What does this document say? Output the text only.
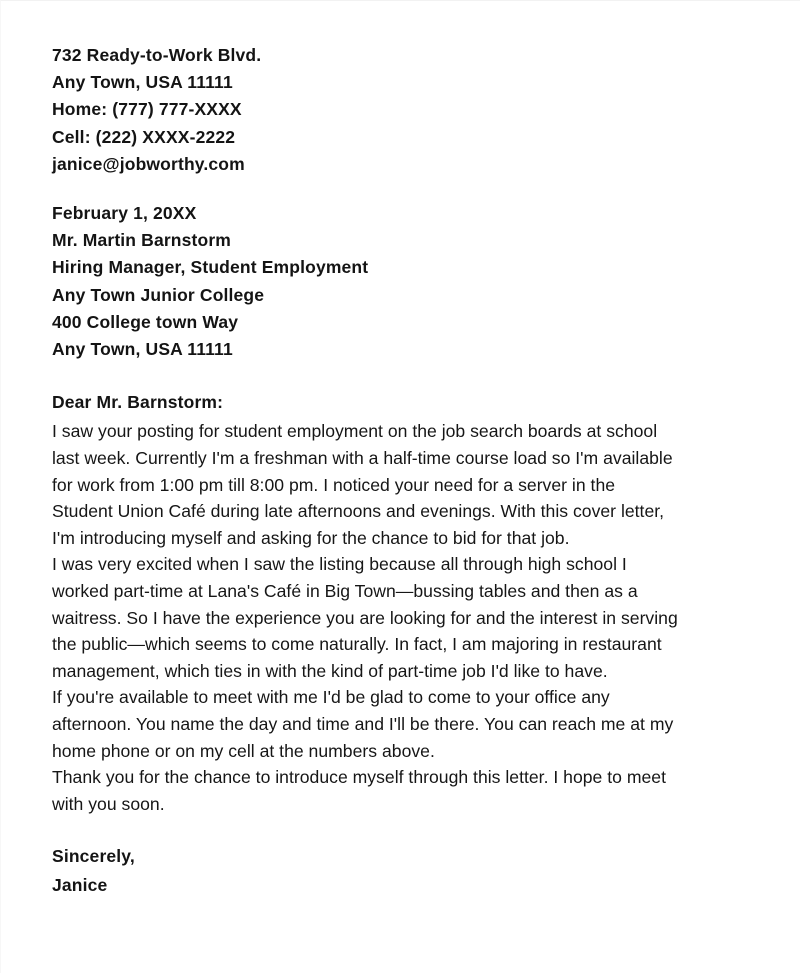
732 Ready-to-Work Blvd.
Any Town, USA 11111
Home: (777) 777-XXXX
Cell: (222) XXXX-2222
janice@jobworthy.com
February 1, 20XX
Mr. Martin Barnstorm
Hiring Manager, Student Employment
Any Town Junior College
400 College town Way
Any Town, USA 11111
Dear Mr. Barnstorm:

I saw your posting for student employment on the job search boards at school
last week. Currently I'm a freshman with a half-time course load so I'm available
for work from 1:00 pm till 8:00 pm. I noticed your need for a server in the
Student Union Café during late afternoons and evenings. With this cover letter,
I'm introducing myself and asking for the chance to bid for that job.

I was very excited when I saw the listing because all through high school I
worked part-time at Lana's Café in Big Town—bussing tables and then as a
waitress. So I have the experience you are looking for and the interest in serving
the public—which seems to come naturally. In fact, I am majoring in restaurant
management, which ties in with the kind of part-time job I'd like to have.

If you're available to meet with me I'd be glad to come to your office any
afternoon. You name the day and time and I'll be there. You can reach me at my
home phone or on my cell at the numbers above.

Thank you for the chance to introduce myself through this letter. I hope to meet
with you soon.

Sincerely,
Janice
